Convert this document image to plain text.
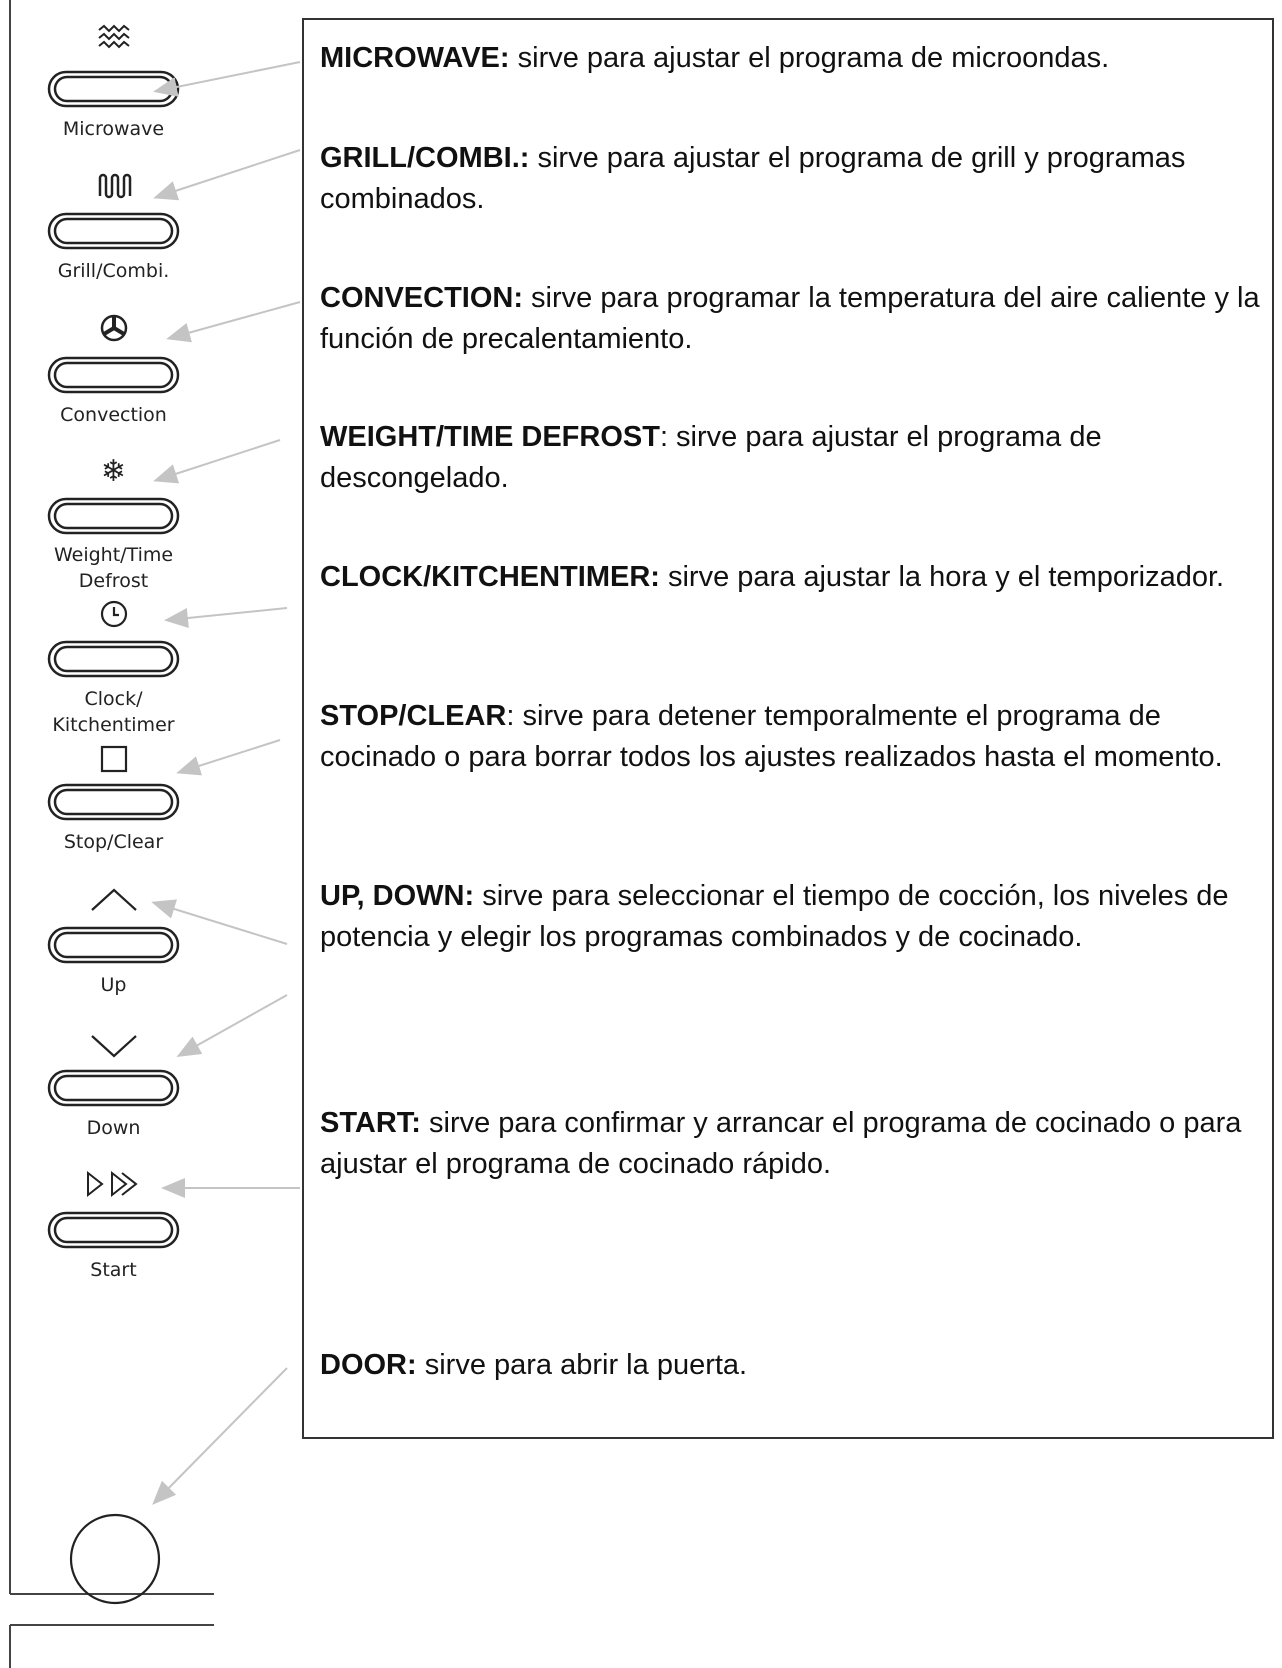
Microwave
Grill/Combi.
Convection
❄
Weight/Time
Defrost
Clock/
Kitchentimer
Stop/Clear
Up
Down
Start
MICROWAVE: sirve para ajustar el programa de microondas.
GRILL/COMBI.: sirve para ajustar el programa de grill y programas combinados.
CONVECTION: sirve para programar la temperatura del aire caliente y la función de precalentamiento.
WEIGHT/TIME DEFROST: sirve para ajustar el programa de descongelado.
CLOCK/KITCHENTIMER: sirve para ajustar la hora y el temporizador.
STOP/CLEAR: sirve para detener temporalmente el programa de cocinado o para borrar todos los ajustes realizados hasta el momento.
UP, DOWN: sirve para seleccionar el tiempo de cocción, los niveles de potencia y elegir los programas combinados y de cocinado.
START: sirve para confirmar y arrancar el programa de cocinado o para ajustar el programa de cocinado rápido.
DOOR: sirve para abrir la puerta.
